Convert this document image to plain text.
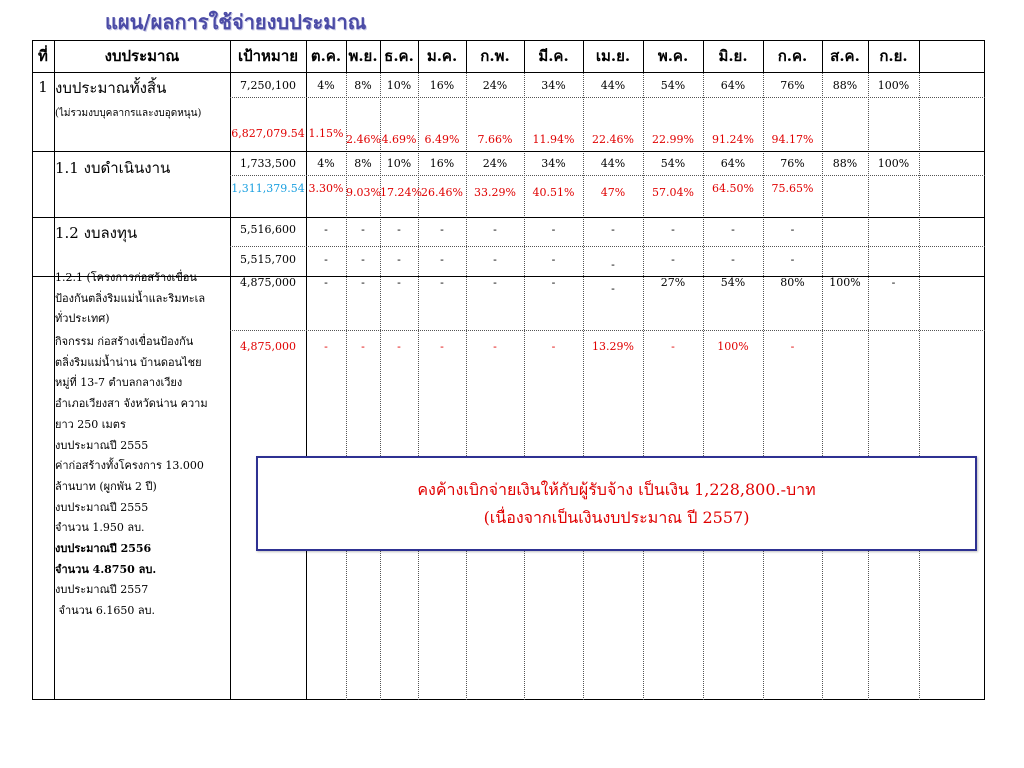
แผน/ผลการใช้จ่ายงบประมาณ
ที่	งบประมาณ	เป้าหมาย ต.ค. พ.ย. ธ.ค. ม.ค.	ก.พ.	มี.ค.	เม.ย.	พ.ค.	มิ.ย.	ก.ค.	ส.ค.	ก.ย.
1 งบประมาณทั้งสิ้น
(ไม่รวมงบบุคลากรและงบอุดหนุน)
7,250,100	4%	8%	10%	16%	24%	34%	44%	54%	64%	76%	88%	100%
6,827,079.54 1.15% 2.46% 4.69% 6.49%	7.66%	11.94%	22.46%	22.99%	91.24%	94.17%
1.1 งบดำเนินงาน	1,733,500	4%	8%	10%	16%	24%	34%	44%	54%	64%	76%	88%	100%
1,311,379.54 3.30% 9.03% 17.24% 26.46%	33.29%	40.51%	47%	57.04%	64.50%	75.65%
1.2 งบลงทุน	5,516,600	-	-	-	-	-	-	-	-	-	-
5,515,700	-	-	-	-	-	-	-	-	-	-
1.2.1 (โครงการก่อสร้างเขื่อน
ป้องกันตลิ่งริมแม่น้ำและริมทะเล
ทั่วประเทศ)
4,875,000	-	-	-	-	-	-	-	27%	54%	80%	100%	-
กิจกรรม ก่อสร้างเขื่อนป้องกัน
ตลิ่งริมแม่น้ำน่าน บ้านดอนไชย
หมู่ที่ 13-7 ตำบลกลางเวียง
อำเภอเวียงสา จังหวัดน่าน ความ
ยาว 250 เมตร
งบประมาณปี 2555
ค่าก่อสร้างทั้งโครงการ 13.000
ล้านบาท (ผูกพัน 2 ปี)
งบประมาณปี 2555
จำนวน 1.950 ลบ.
งบประมาณปี 2556
จำนวน 4.8750 ลบ.
งบประมาณปี 2557
จำนวน 6.1650 ลบ.
4,875,000	-	-	-	-	-	-	13.29%	-	100%	-
คงค้างเบิกจ่ายเงินให้กับผู้รับจ้าง เป็นเงิน 1,228,800.-บาท
(เนื่องจากเป็นเงินงบประมาณ ปี 2557)
